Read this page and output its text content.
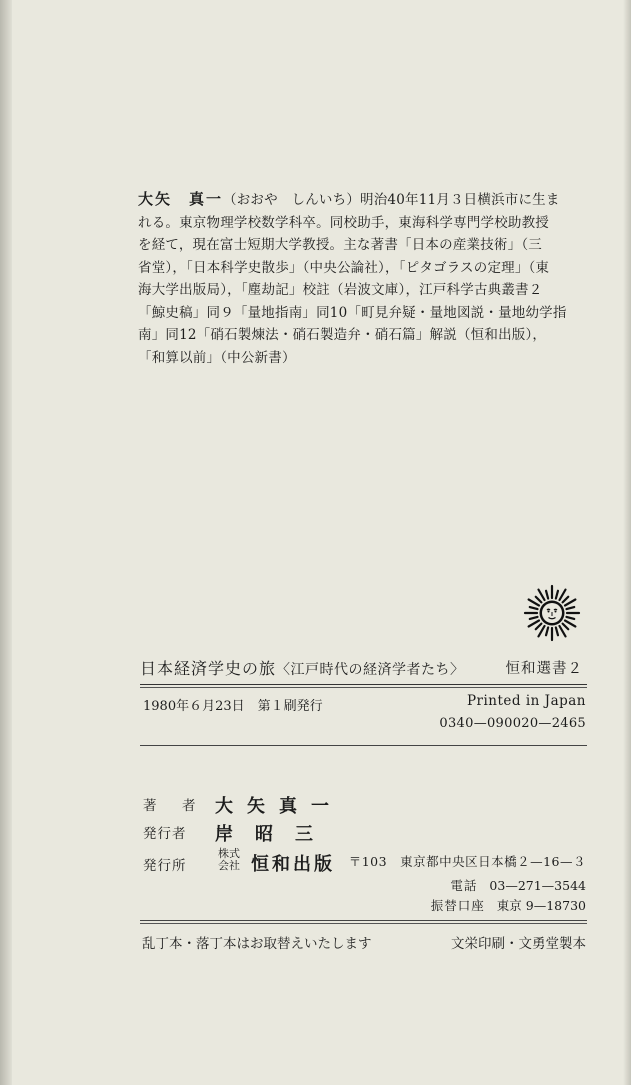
大矢　真一（おおや　しんいち）明治40年11月３日横浜市に生ま
れる。東京物理学校数学科卒。同校助手，東海科学専門学校助教授
を経て，現在富士短期大学教授。主な著書「日本の産業技術」（三
省堂），「日本科学史散歩」（中央公論社），「ピタゴラスの定理」（東
海大学出版局），「塵劫記」校註（岩波文庫），江戸科学古典叢書２
「鯨史稿」同９「量地指南」同10「町見弁疑・量地図説・量地幼学指
南」同12「硝石製煉法・硝石製造弁・硝石篇」解説（恒和出版），
「和算以前」（中公新書）
日本経済学史の旅〈江戸時代の経済学者たち〉	恒和選書２
1980年６月23日　第１刷発行	Printed in Japan
0340—090020—2465
著　者 大矢真一
発行者 岸昭三
発行所
株式会社 恒和出版 〒103　東京都中央区日本橋２—16—３
電話 03—271—3544
振替口座 東京 9—18730
乱丁本・落丁本はお取替えいたします	文栄印刷・文勇堂製本
